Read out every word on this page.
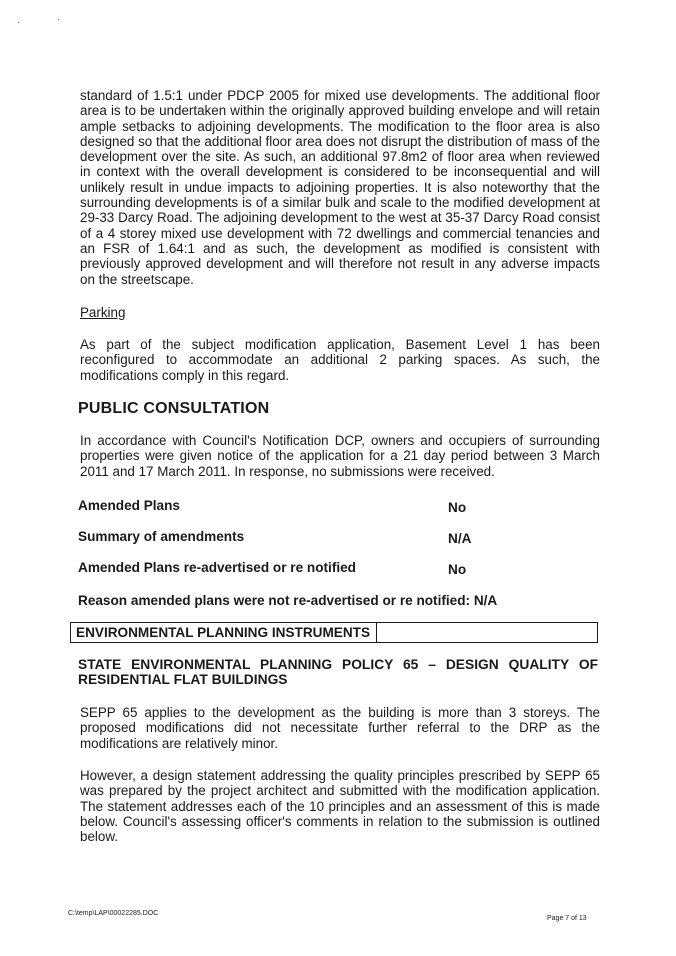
standard of 1.5:1 under PDCP 2005 for mixed use developments. The additional floor area is to be undertaken within the originally approved building envelope and will retain ample setbacks to adjoining developments. The modification to the floor area is also designed so that the additional floor area does not disrupt the distribution of mass of the development over the site. As such, an additional 97.8m2 of floor area when reviewed in context with the overall development is considered to be inconsequential and will unlikely result in undue impacts to adjoining properties. It is also noteworthy that the surrounding developments is of a similar bulk and scale to the modified development at 29-33 Darcy Road. The adjoining development to the west at 35-37 Darcy Road consist of a 4 storey mixed use development with 72 dwellings and commercial tenancies and an FSR of 1.64:1 and as such, the development as modified is consistent with previously approved development and will therefore not result in any adverse impacts on the streetscape.

Parking

As part of the subject modification application, Basement Level 1 has been reconfigured to accommodate an additional 2 parking spaces. As such, the modifications comply in this regard.

PUBLIC CONSULTATION

In accordance with Council's Notification DCP, owners and occupiers of surrounding properties were given notice of the application for a 21 day period between 3 March 2011 and 17 March 2011. In response, no submissions were received.

Amended Plans	No
Summary of amendments	N/A
Amended Plans re-advertised or re notified	No
Reason amended plans were not re-advertised or re notified: N/A
ENVIRONMENTAL PLANNING INSTRUMENTS
STATE ENVIRONMENTAL PLANNING POLICY 65 – DESIGN QUALITY OF RESIDENTIAL FLAT BUILDINGS

SEPP 65 applies to the development as the building is more than 3 storeys. The proposed modifications did not necessitate further referral to the DRP as the modifications are relatively minor.

However, a design statement addressing the quality principles prescribed by SEPP 65 was prepared by the project architect and submitted with the modification application. The statement addresses each of the 10 principles and an assessment of this is made below. Council's assessing officer's comments in relation to the submission is outlined below.

C:\temp\LAP\00022285.DOC
Page 7 of 13
